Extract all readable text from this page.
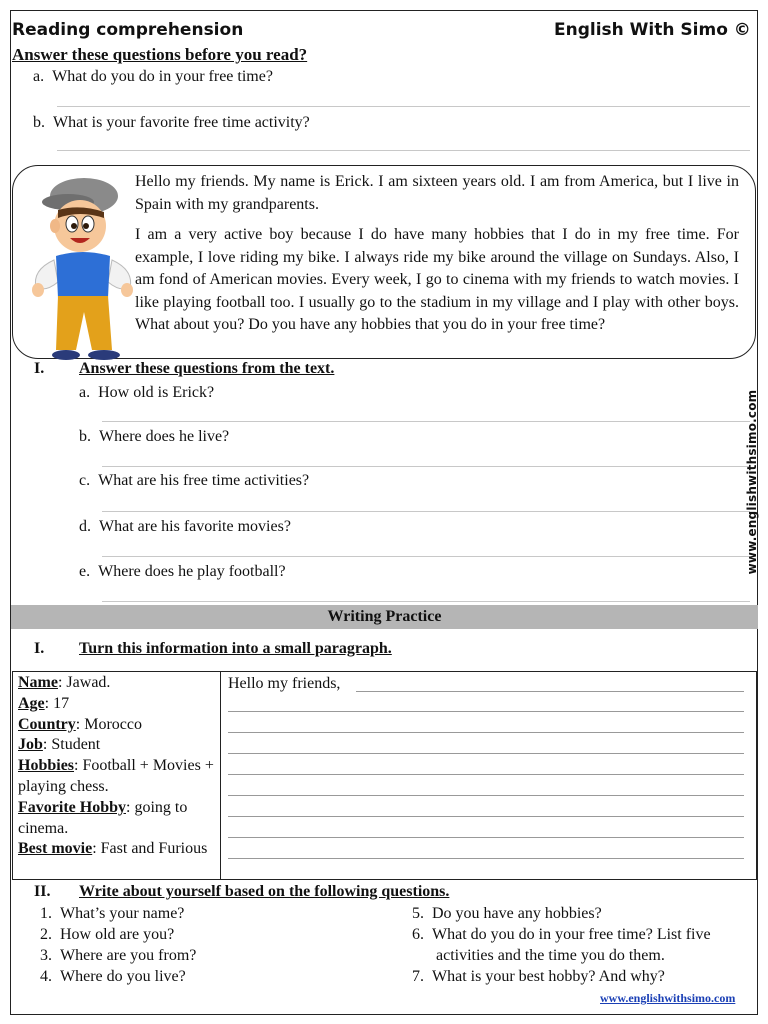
Reading comprehension	English With Simo ©
Answer these questions before you read?
a. What do you do in your free time?
b. What is your favorite free time activity?

Hello my friends. My name is Erick. I am sixteen years old. I am from America, but I live in Spain with my grandparents.

I am a very active boy because I do have many hobbies that I do in my free time. For example, I love riding my bike. I always ride my bike around the village on Sundays. Also, I am fond of American movies. Every week, I go to cinema with my friends to watch movies. I like playing football too. I usually go to the stadium in my village and I play with other boys. What about you? Do you have any hobbies that you do in your free time?

I. Answer these questions from the text.
a. How old is Erick?
b. Where does he live?
c. What are his free time activities?
d. What are his favorite movies?
e. Where does he play football?	www.englishwithsimo.com
Writing Practice
I. Turn this information into a small paragraph.
Name: Jawad.
Age: 17
Country: Morocco
Job: Student
Hobbies: Football + Movies + playing chess.
Favorite Hobby: going to cinema.
Best movie: Fast and Furious
Hello my friends,
II. Write about yourself based on the following questions.
1. What’s your name?
2. How old are you?
3. Where are you from?
4. Where do you live?
5. Do you have any hobbies?
6. What do you do in your free time? List five
activities and the time you do them.
7. What is your best hobby? And why?
www.englishwithsimo.com
